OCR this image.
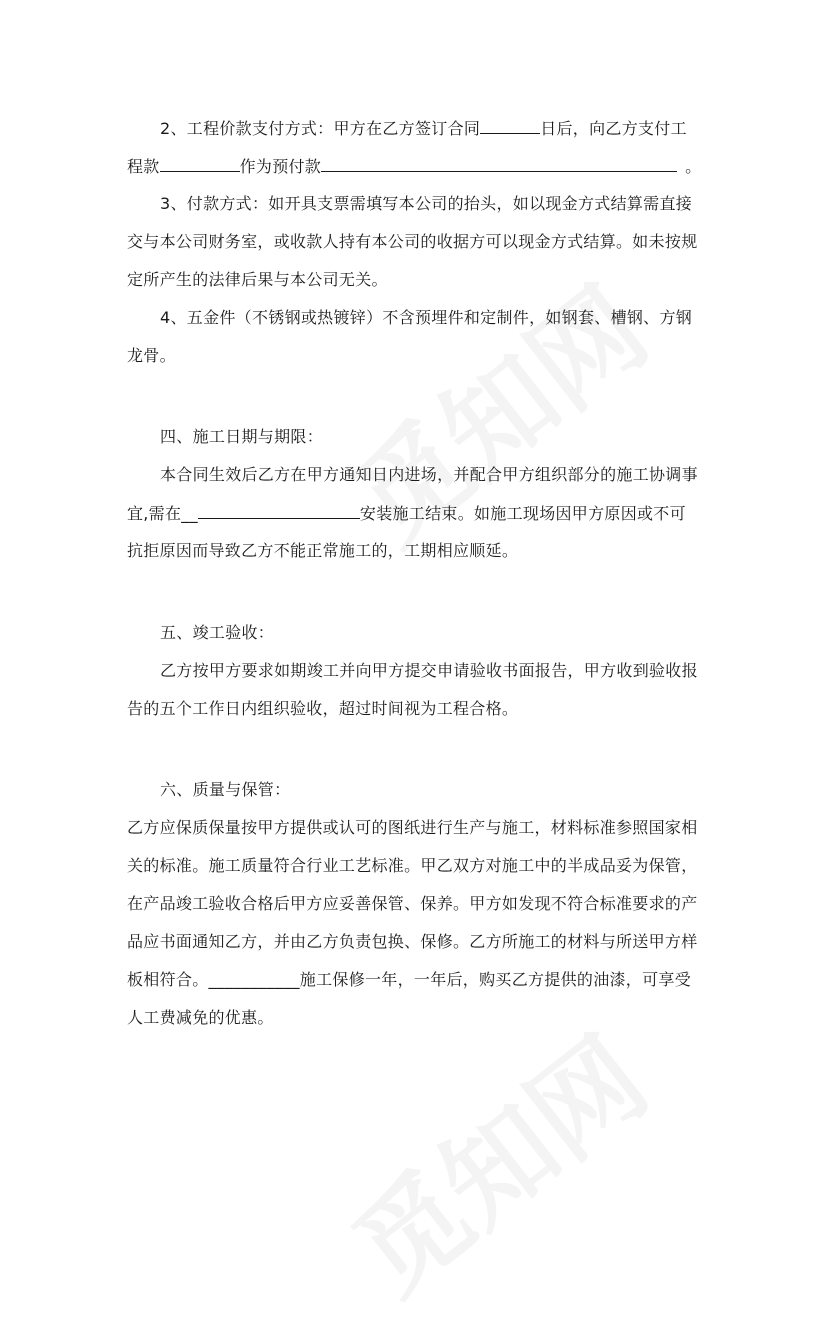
2、工程价款支付方式：甲方在乙方签订合同	日后，向乙方支付工
程款	作为预付款	。
3、付款方式：如开具支票需填写本公司的抬头，如以现金方式结算需直接
交与本公司财务室，或收款人持有本公司的收据方可以现金方式结算。如未按规
定所产生的法律后果与本公司无关。
4、五金件（不锈钢或热镀锌）不含预埋件和定制件，如钢套、槽钢、方钢
龙骨。
四、施工日期与期限：
本合同生效后乙方在甲方通知日内进场，并配合甲方组织部分的施工协调事
宜,需在__	安装施工结束。如施工现场因甲方原因或不可
抗拒原因而导致乙方不能正常施工的，工期相应顺延。
五、竣工验收：
乙方按甲方要求如期竣工并向甲方提交申请验收书面报告，甲方收到验收报
告的五个工作日内组织验收，超过时间视为工程合格。
六、质量与保管：
乙方应保质保量按甲方提供或认可的图纸进行生产与施工，材料标准参照国家相
关的标准。施工质量符合行业工艺标准。甲乙双方对施工中的半成品妥为保管，
在产品竣工验收合格后甲方应妥善保管、保养。甲方如发现不符合标准要求的产
品应书面通知乙方，并由乙方负责包换、保修。乙方所施工的材料与所送甲方样
板相符合。___________施工保修一年，一年后，购买乙方提供的油漆，可享受
人工费减免的优惠。
